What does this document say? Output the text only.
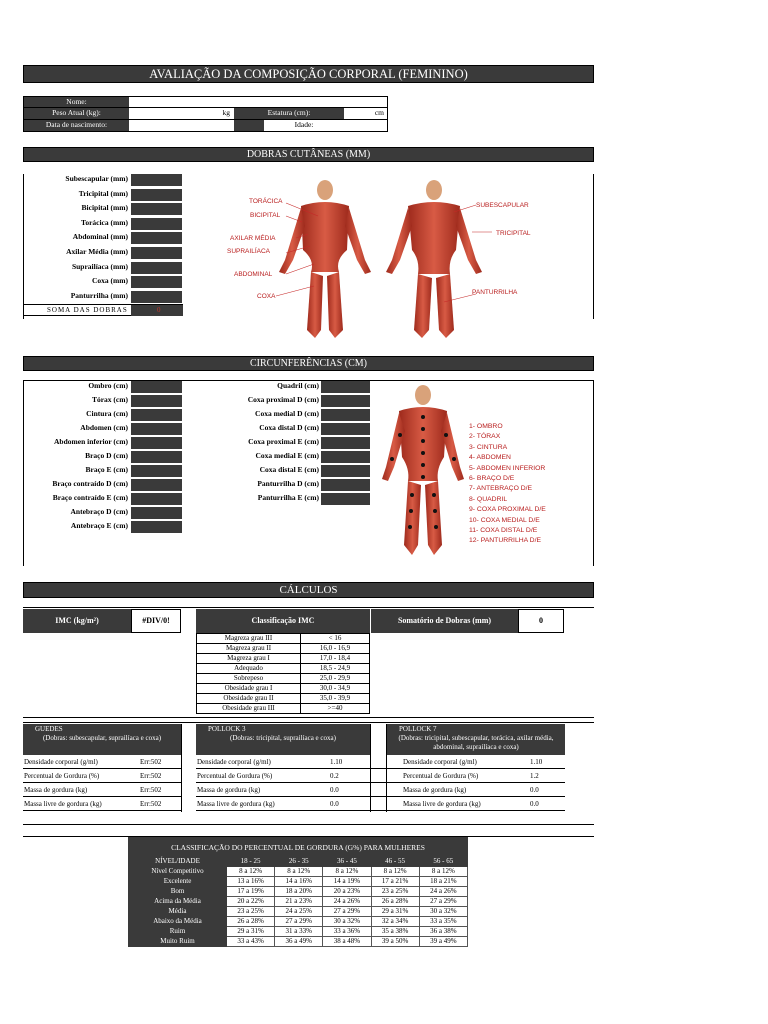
AVALIAÇÃO DA COMPOSIÇÃO CORPORAL (FEMININO)
Nome:
Peso Atual (kg):	kg	Estatura (cm):	cm
Data de nascimento:	Idade:
DOBRAS CUTÂNEAS (MM)
Subescapular (mm)
Tricipital (mm)
Bicipital (mm)
Torácica (mm)
Abdominal (mm)
Axilar Média (mm)
Suprailíaca (mm)
Coxa (mm)
Panturrilha (mm)
SOMA DAS DOBRAS	0
TORÁCICA
BICIPITAL
AXILAR MÉDIA
SUPRAILÍACA
ABDOMINAL
COXA
SUBESCAPULAR
TRICIPITAL
PANTURRILHA
CIRCUNFERÊNCIAS (CM)
Ombro (cm)
Tórax (cm)
Cintura (cm)
Abdomen (cm)
Abdomen inferior (cm)
Braço D (cm)
Braço E (cm)
Braço contraído D (cm)
Braço contraído E (cm)
Antebraço D (cm)
Antebraço E (cm)
Quadril (cm)
Coxa proximal D (cm)
Coxa medial D (cm)
Coxa distal D (cm)
Coxa proximal E (cm)
Coxa medial E (cm)
Coxa distal E (cm)
Panturrilha D (cm)
Panturrilha E (cm)
1- OMBRO
2- TÓRAX
3- CINTURA
4- ABDOMEN
5- ABDOMEN INFERIOR
6- BRAÇO D/E
7- ANTEBRAÇO D/E
8- QUADRIL
9- COXA PROXIMAL D/E
10- COXA MEDIAL D/E
11- COXA DISTAL D/E
12- PANTURRILHA D/E
CÁLCULOS
IMC (kg/m²)	#DIV/0!	Classificação IMC	Somatório de Dobras (mm)	0
Magreza grau III	< 16
Magreza grau II	16,0 - 16,9
Magreza grau I	17,0 - 18,4
Adequado	18,5 - 24,9
Sobrepeso	25,0 - 29,9
Obesidade grau I	30,0 - 34,9
Obesidade grau II	35,0 - 39,9
Obesidade grau III	>=40
GUEDES
(Dobras: subescapular, suprailíaca e coxa)
Densidade corporal (g/ml)	Err:502
Percentual de Gordura (%)	Err:502
Massa de gordura (kg)	Err:502
Massa livre de gordura (kg)	Err:502
POLLOCK 3
(Dobras: tricipital, suprailíaca e coxa)
Densidade corporal (g/ml)	1.10
Percentual de Gordura (%)	0.2
Massa de gordura (kg)	0.0
Massa livre de gordura (kg)	0.0
POLLOCK 7
(Dobras: tricipital, subescapular, torácica, axilar média, abdominal, suprailíaca e coxa)
Densidade corporal (g/ml)	1.10
Percentual de Gordura (%)	1.2
Massa de gordura (kg)	0.0
Massa livre de gordura (kg)	0.0
CLASSIFICAÇÃO DO PERCENTUAL DE GORDURA (G%) PARA MULHERES					
NÍVEL/IDADE	18 - 25	26 - 35	36 - 45	46 - 55	56 - 65
Nível Competitivo	8 a 12%	8 a 12%	8 a 12%	8 a 12%	8 a 12%
Excelente	13 a 16%	14 a 16%	14 a 19%	17 a 21%	18 a 21%
Bom	17 a 19%	18 a 20%	20 a 23%	23 a 25%	24 a 26%
Acima da Média	20 a 22%	21 a 23%	24 a 26%	26 a 28%	27 a 29%
Média	23 a 25%	24 a 25%	27 a 29%	29 a 31%	30 a 32%
Abaixo da Média	26 a 28%	27 a 29%	30 a 32%	32 a 34%	33 a 35%
Ruim	29 a 31%	31 a 33%	33 a 36%	35 a 38%	36 a 38%
Muito Ruim	33 a 43%	36 a 49%	38 a 48%	39 a 50%	39 a 49%
